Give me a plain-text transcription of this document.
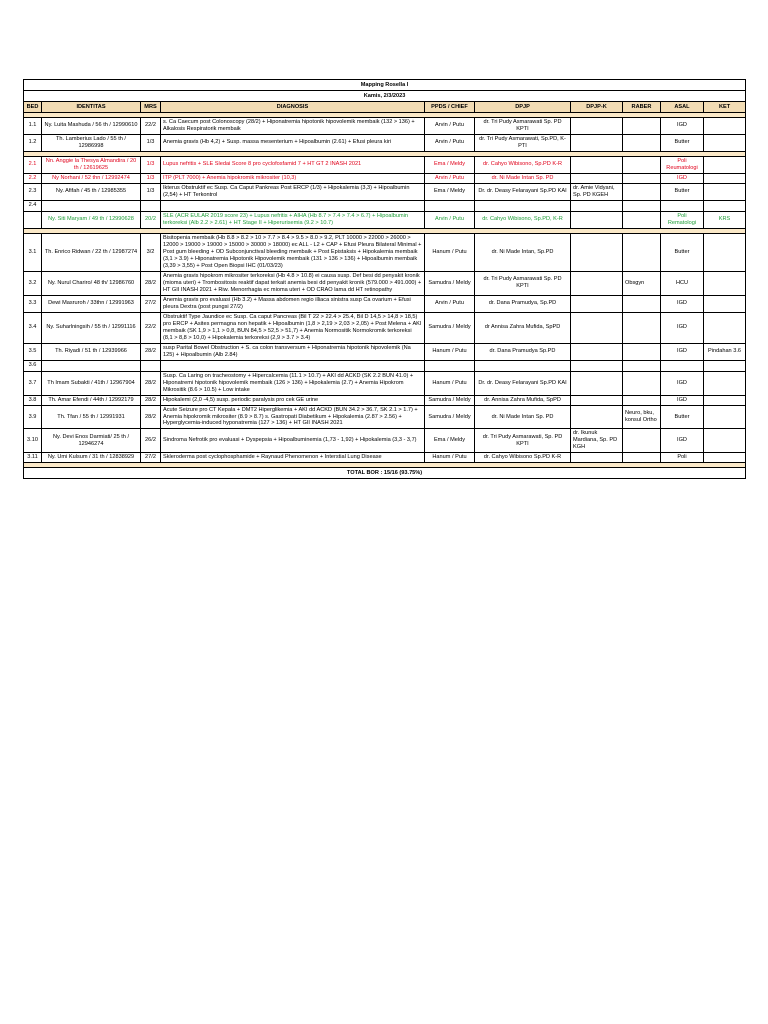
Mapping Rosella I									
Kamis, 2/3/2023									
BED	IDENTITAS	MRS	DIAGNOSIS	PPDS / CHIEF	DPJP	DPJP-K	RABER	ASAL	KET

1.1	Ny. Luita Mashuda / 56 th / 12990610	22/2	s. Ca Caecum post Colonoscopy (28/2) + Hiponatremia hipotonik hipovolemik membaik (132 > 136) + Alkalosis Respiratorik membaik	Arvin / Putu	dr. Tri Pudy Asmarawati Sp. PD KPTI			IGD	
1.2	Th. Lamberius Lado / 55 th / 12986998	1/3	Anemia gravis (Hb 4,2) + Susp. massa mesenterium + Hipoalbumin (2.61) + Efusi pleura kiri	Arvin / Putu	dr. Tri Pudy Asmarawati, Sp.PD, K-PTI			Butter	

2.1	Nn. Anggie la Thesya Almandira / 20 th / 12619625	1/3	Lupus nefritis + SLE Sledai Score 8 pro cyclofosfamid 7 + HT GT 2 INASH 2021	Ema / Meldy	dr. Cahyo Wibisono, Sp.PD K-R			Poli Reumatologi	
2.2	Ny Norhani / 52 thn / 12992474	1/3	ITP (PLT 7000) + Anemia hipokromik mikrositer (10,3)	Arvin / Putu	dr. Ni Made Intan Sp. PD			IGD	
2.3	Ny. Afifah / 45 th / 12985355	1/3	Ikterus Obstruktif ec Susp. Ca Caput Pankreas Post ERCP (1/3) + Hipokalemia (3,3) + Hipoalbumin (2,54) + HT Terkontrol	Ema / Meldy	Dr. dr. Deasy Felarayani Sp.PD KAI	dr. Amie Vidyani, Sp. PD KGEH		Butter	
2.4									
	Ny. Siti Maryam / 49 th / 12990628	20/2	SLE (ACR EULAR 2019 score 23) + Lupus nefritis + AIHA (Hb 8.7 > 7.4 > 7.4 > 6.7) + Hipoalbumin terkoreksi (Alb 2.2 > 2.61) + HT Stage II + Hiperurisemia (9.2 > 10.7)	Arvin / Putu	dr. Cahyo Wibisono, Sp.PD, K-R			Poli Rematologi	KRS

3.1	Th. Enrico Ridwan / 22 th / 12987274	3/2	Bisitopenia membaik (Hb 8.8 > 8.2 > 10 > 7.7 > 8.4 > 9.5 > 8.0 > 9.2, PLT 10000 > 22000 > 26000 > 12000 > 19000 > 19000 > 15000 > 30000 > 18000) ec ALL - L2 + CAP + Efusi Pleura Bilateral Minimal + Post gum bleeding + OD Subconjunctival bleeding membaik + Post Epistaksis + Hipokalemia membaik (3,1 > 3.9) + Hiponatremia Hipotonik Hipovolemik membaik (131 > 136 > 136) + Hipoalbumin membaik (3,39 > 3,55) + Post Open Biopsi IHC (01/03/23)	Hanum / Putu	dr. Ni Made Intan, Sp.PD			Butter	
3.2	Ny. Nurul Chariro/ 48 th/ 12986760	28/2	Anemia gravis hipokrom mikrositer terkoreksi (Hb 4.8 > 10.8) ei causa susp. Def besi dd penyakit kronik (mioma uteri) + Trombositosis reaktif dapat terkait anemia besi dd penyakit kronik (579.000 > 491.000) + HT GII INASH 2021 + Riw. Menorrhagia ec mioma uteri + OD CRAO lama dd HT retinopathy	Samudra / Meldy	dr. Tri Pudy Asmarawati Sp. PD KPTI		Obsgyn	HCU	
3.3	Dewi Masruroh / 33thn / 12991963	27/2	Anemia gravis pro evaluasi (Hb 3.2) + Massa abdomen regio illiaca sinistra susp Ca ovarium + Efusi pleura Dextra (post pungsi 27/2)	Arvin / Putu	dr. Dana Pramudya, Sp.PD			IGD	
3.4	Ny. Suharlningsih / 55 th / 12991116	22/2	Obstruktif Type Jaundice ec Susp. Ca caput Pancreas (Bil T 22 > 22.4 > 25.4, Bil D 14,5 > 14,8 > 18,5) pro ERCP + Asites permagna non hepatik + Hipoalbumin (1,8 > 2,19 > 2,03 > 2,05) + Post Melena + AKI membaik (SK 1,9 > 1,1 > 0,8, BUN 84,5 > 52,5 > 51,7) + Anemia Normositik Normokromik terkoreksi (8,1 > 8,8 > 10,0) + Hipokalemia terkoreksi (2,9 > 3.7 > 3.4)	Samudra / Meldy	dr Annisa Zahra Mufida, SpPD			IGD	
3.5	Th. Riyadi / 51 th / 12939966	28/2	susp Parital Bowel Obstruction + S. ca colon transversum + Hiponatremia hipotonik hipovolemik (Na 125) + Hipoalbumin (Alb 2.84)	Hanum / Putu	dr. Dana Pramudya Sp.PD			IGD	Pindahan 3.6
3.6									
3.7	Th Imam Subakti / 41th / 12967904	28/2	Susp. Ca Laring on tracheostomy + Hipercalcemia (11.1 > 10.7) + AKI dd ACKD (SK 2.2 BUN 41.0) + Hiponatremi hipotonik hipovolemik membaik (126 > 136) + Hipokalemia (2.7) + Anemia Hipokrom Mikrositik (8.6 > 10.5) + Low intake	Hanum / Putu	Dr. dr. Deasy Felarayani Sp.PD KAI			IGD	
3.8	Th. Amar Efendi / 44th / 12992179	28/2	Hipokalemi (2,0 -4,5) susp. periodic paralysis pro cek GE urine	Samudra / Meldy	dr. Annisa Zahra Mufida, SpPD			IGD	
3.9	Th. Tfan / 55 th / 12991931	28/2	Acute Seizure pro CT Kepala + DMT2 Hiperglikemia + AKI dd ACKD (BUN 34.2 > 36.7, SK 2.1 > 1.7) + Anemia hipokromik mikrositer (8.9 > 8.7) s. Gastropati Diabetikum + Hipokalemia (2.87 > 2.56) + Hyperglycemia-induced hyponatremia (127 > 136) + HT GII INASH 2021	Samudra / Meldy	dr. Ni Made Intan Sp. PD		Neuro, bku, konsul Ortho	Butter	
3.10	Ny. Devi Enos Darmiati/ 25 th / 12946274	26/2	Sindroma Nefrotik pro evaluasi + Dyspepsia + Hipoalbuminemia (1,73 - 1,92) + Hipokalemia (3,3 - 3,7)	Ema / Meldy	dr. Tri Pudy Asmarawati, Sp. PD KPTI	dr. Ikunuk Mardiana, Sp. PD KGH		IGD	
3.11	Ny. Umi Kulsum / 31 th / 12838929	27/2	Skleroderma post cyclophosphamide + Raynaud Phenomenon + Interstial Lung Disease	Hanum / Putu	dr. Cahyo Wibisono Sp.PD K-R			Poli	

TOTAL BOR : 15/16 (93.75%)									
